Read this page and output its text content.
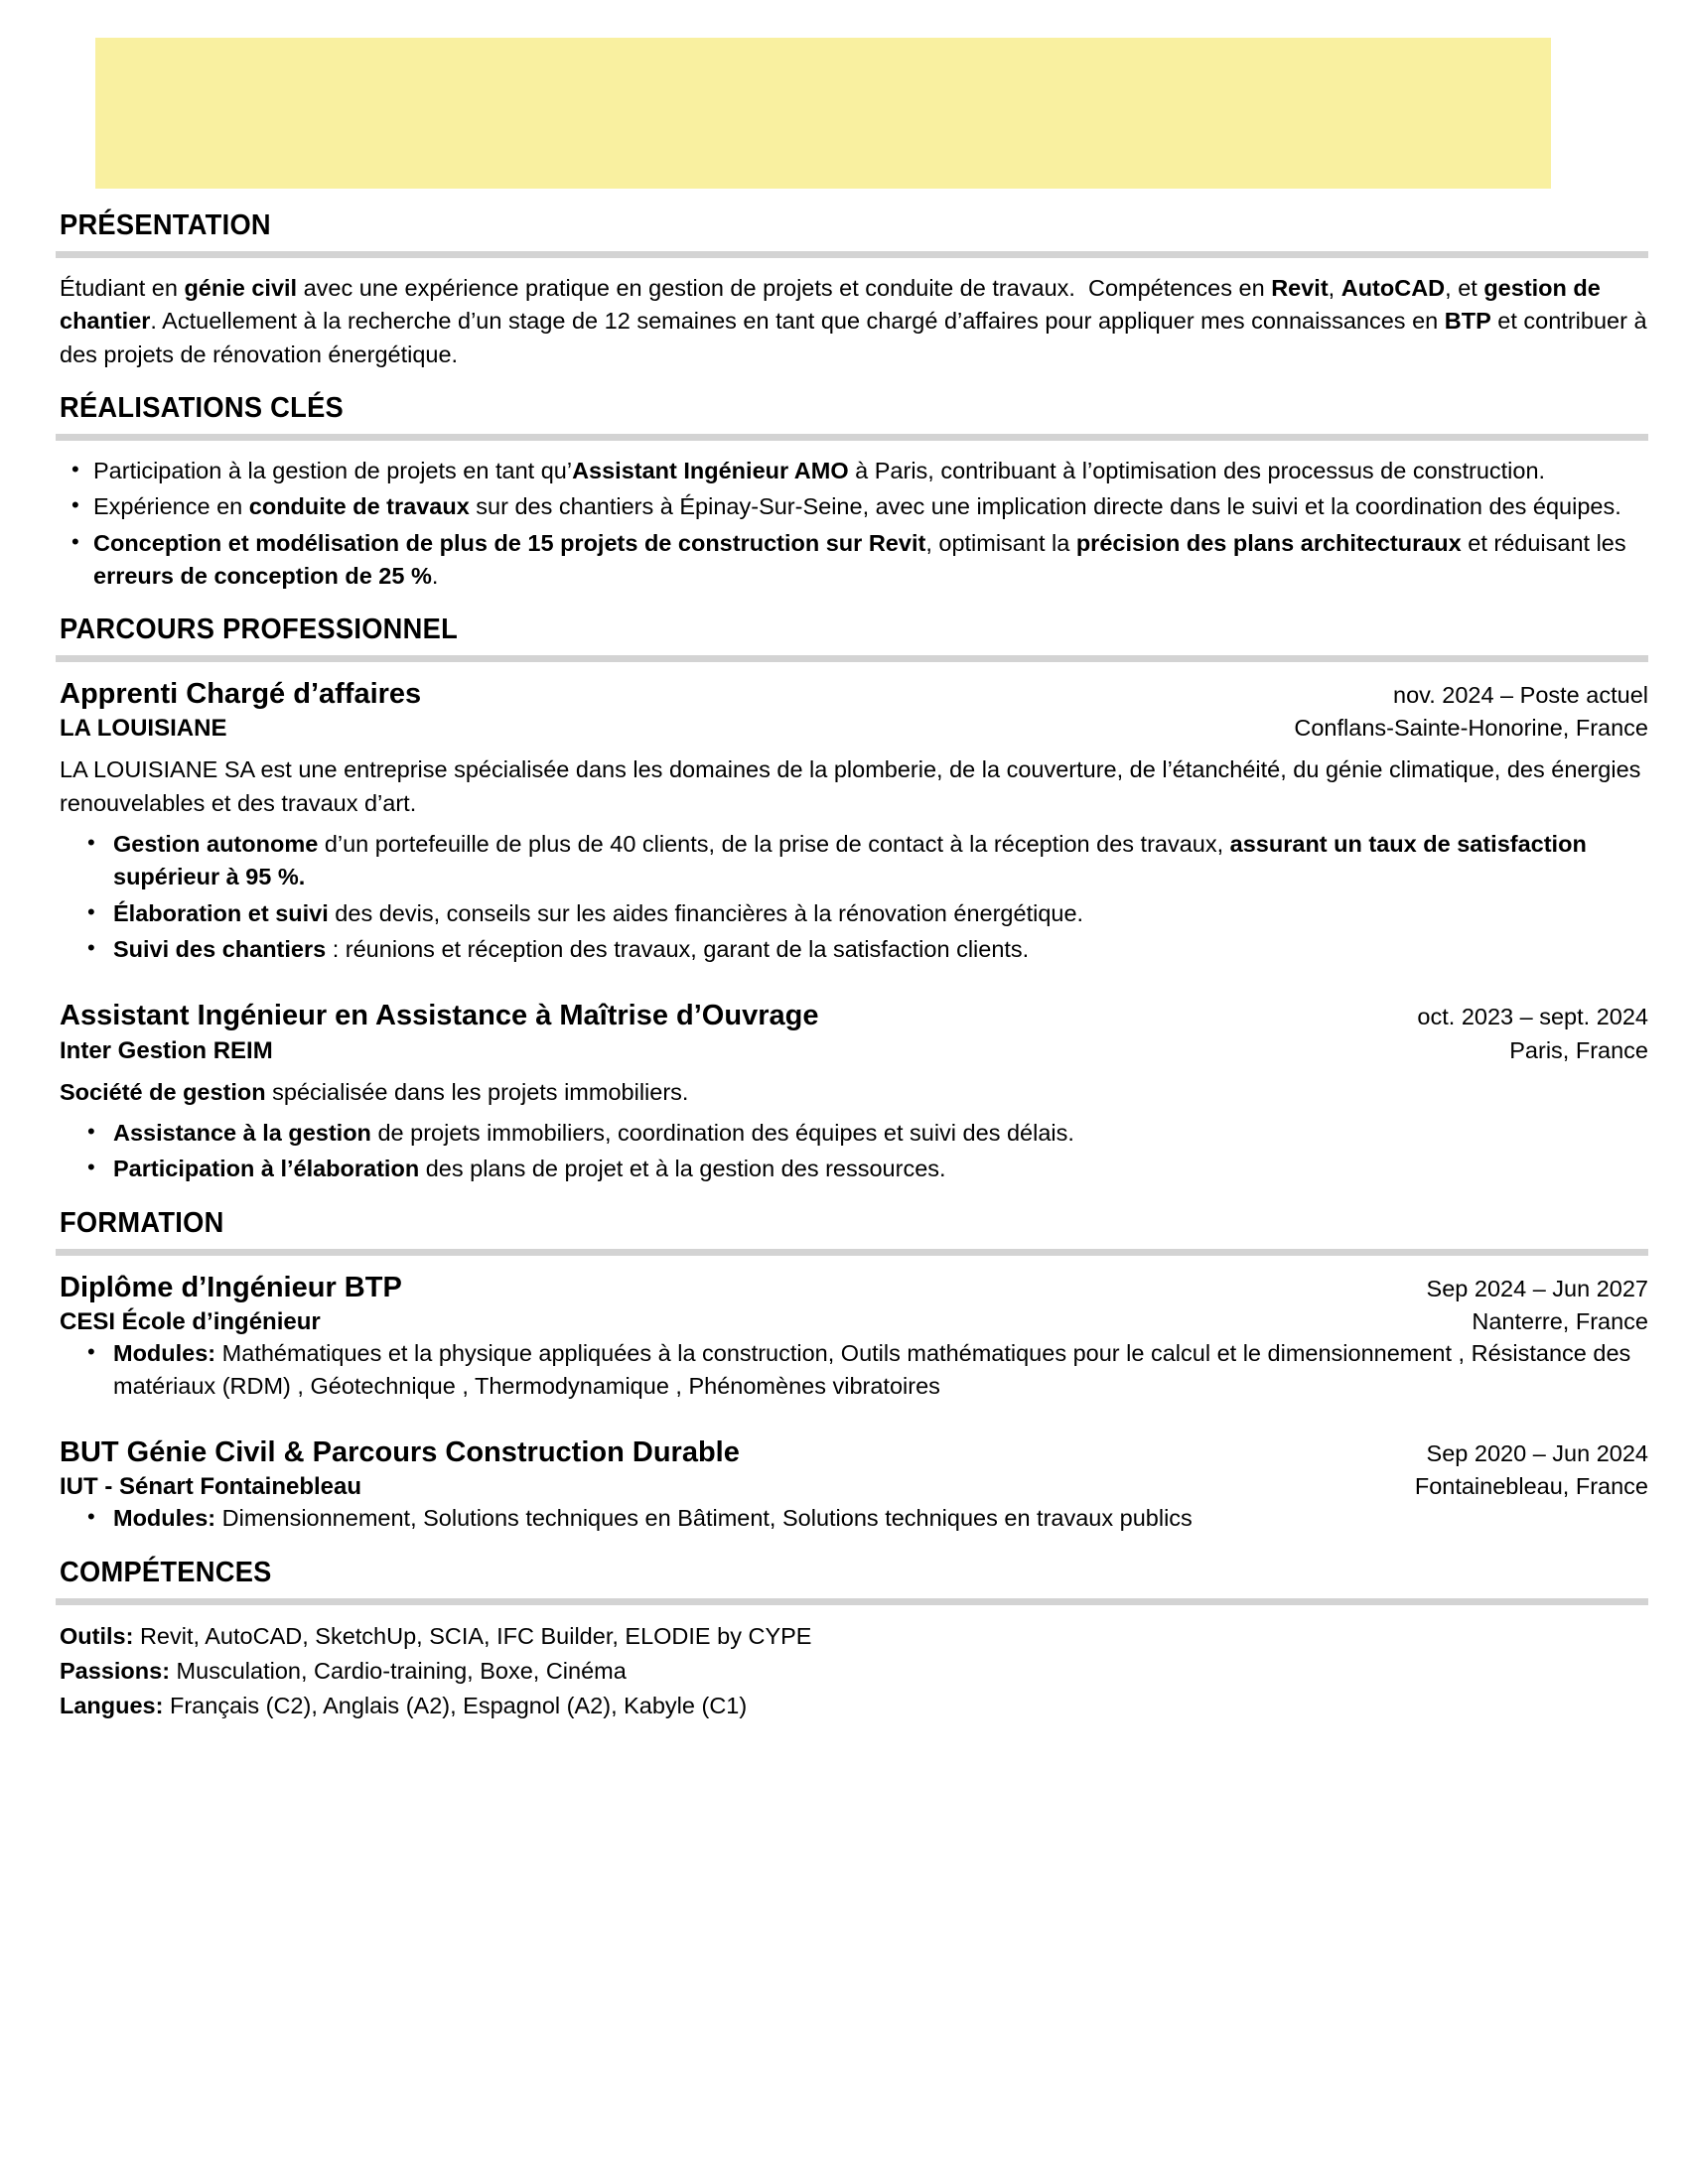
PRÉSENTATION

Étudiant en génie civil avec une expérience pratique en gestion de projets et conduite de travaux.  Compétences en Revit, AutoCAD, et gestion de chantier. Actuellement à la recherche d’un stage de 12 semaines en tant que chargé d’affaires pour appliquer mes connaissances en BTP et contribuer à des projets de rénovation énergétique.

RÉALISATIONS CLÉS
• Participation à la gestion de projets en tant qu’Assistant Ingénieur AMO à Paris, contribuant à l’optimisation des processus de construction.
• Expérience en conduite de travaux sur des chantiers à Épinay-Sur-Seine, avec une implication directe dans le suivi et la coordination des équipes.
• Conception et modélisation de plus de 15 projets de construction sur Revit, optimisant la précision des plans architecturaux et réduisant les erreurs de conception de 25 %.
PARCOURS PROFESSIONNEL
Apprenti Chargé d’affaires	nov. 2024 – Poste actuel
LA LOUISIANE	Conflans-Sainte-Honorine, France
LA LOUISIANE SA est une entreprise spécialisée dans les domaines de la plomberie, de la couverture, de l’étanchéité, du génie climatique, des énergies renouvelables et des travaux d’art.
• Gestion autonome d’un portefeuille de plus de 40 clients, de la prise de contact à la réception des travaux, assurant un taux de satisfaction supérieur à 95 %.
• Élaboration et suivi des devis, conseils sur les aides financières à la rénovation énergétique.
• Suivi des chantiers : réunions et réception des travaux, garant de la satisfaction clients.
Assistant Ingénieur en Assistance à Maîtrise d’Ouvrage	oct. 2023 – sept. 2024
Inter Gestion REIM	Paris, France
Société de gestion spécialisée dans les projets immobiliers.
• Assistance à la gestion de projets immobiliers, coordination des équipes et suivi des délais.
• Participation à l’élaboration des plans de projet et à la gestion des ressources.
FORMATION
Diplôme d’Ingénieur BTP	Sep 2024 – Jun 2027
CESI École d’ingénieur	Nanterre, France
• Modules: Mathématiques et la physique appliquées à la construction, Outils mathématiques pour le calcul et le dimensionnement , Résistance des matériaux (RDM) , Géotechnique , Thermodynamique , Phénomènes vibratoires
BUT Génie Civil & Parcours Construction Durable	Sep 2020 – Jun 2024
IUT - Sénart Fontainebleau	Fontainebleau, France
• Modules: Dimensionnement, Solutions techniques en Bâtiment, Solutions techniques en travaux publics
COMPÉTENCES
Outils: Revit, AutoCAD, SketchUp, SCIA, IFC Builder, ELODIE by CYPE
Passions: Musculation, Cardio-training, Boxe, Cinéma
Langues: Français (C2), Anglais (A2), Espagnol (A2), Kabyle (C1)
